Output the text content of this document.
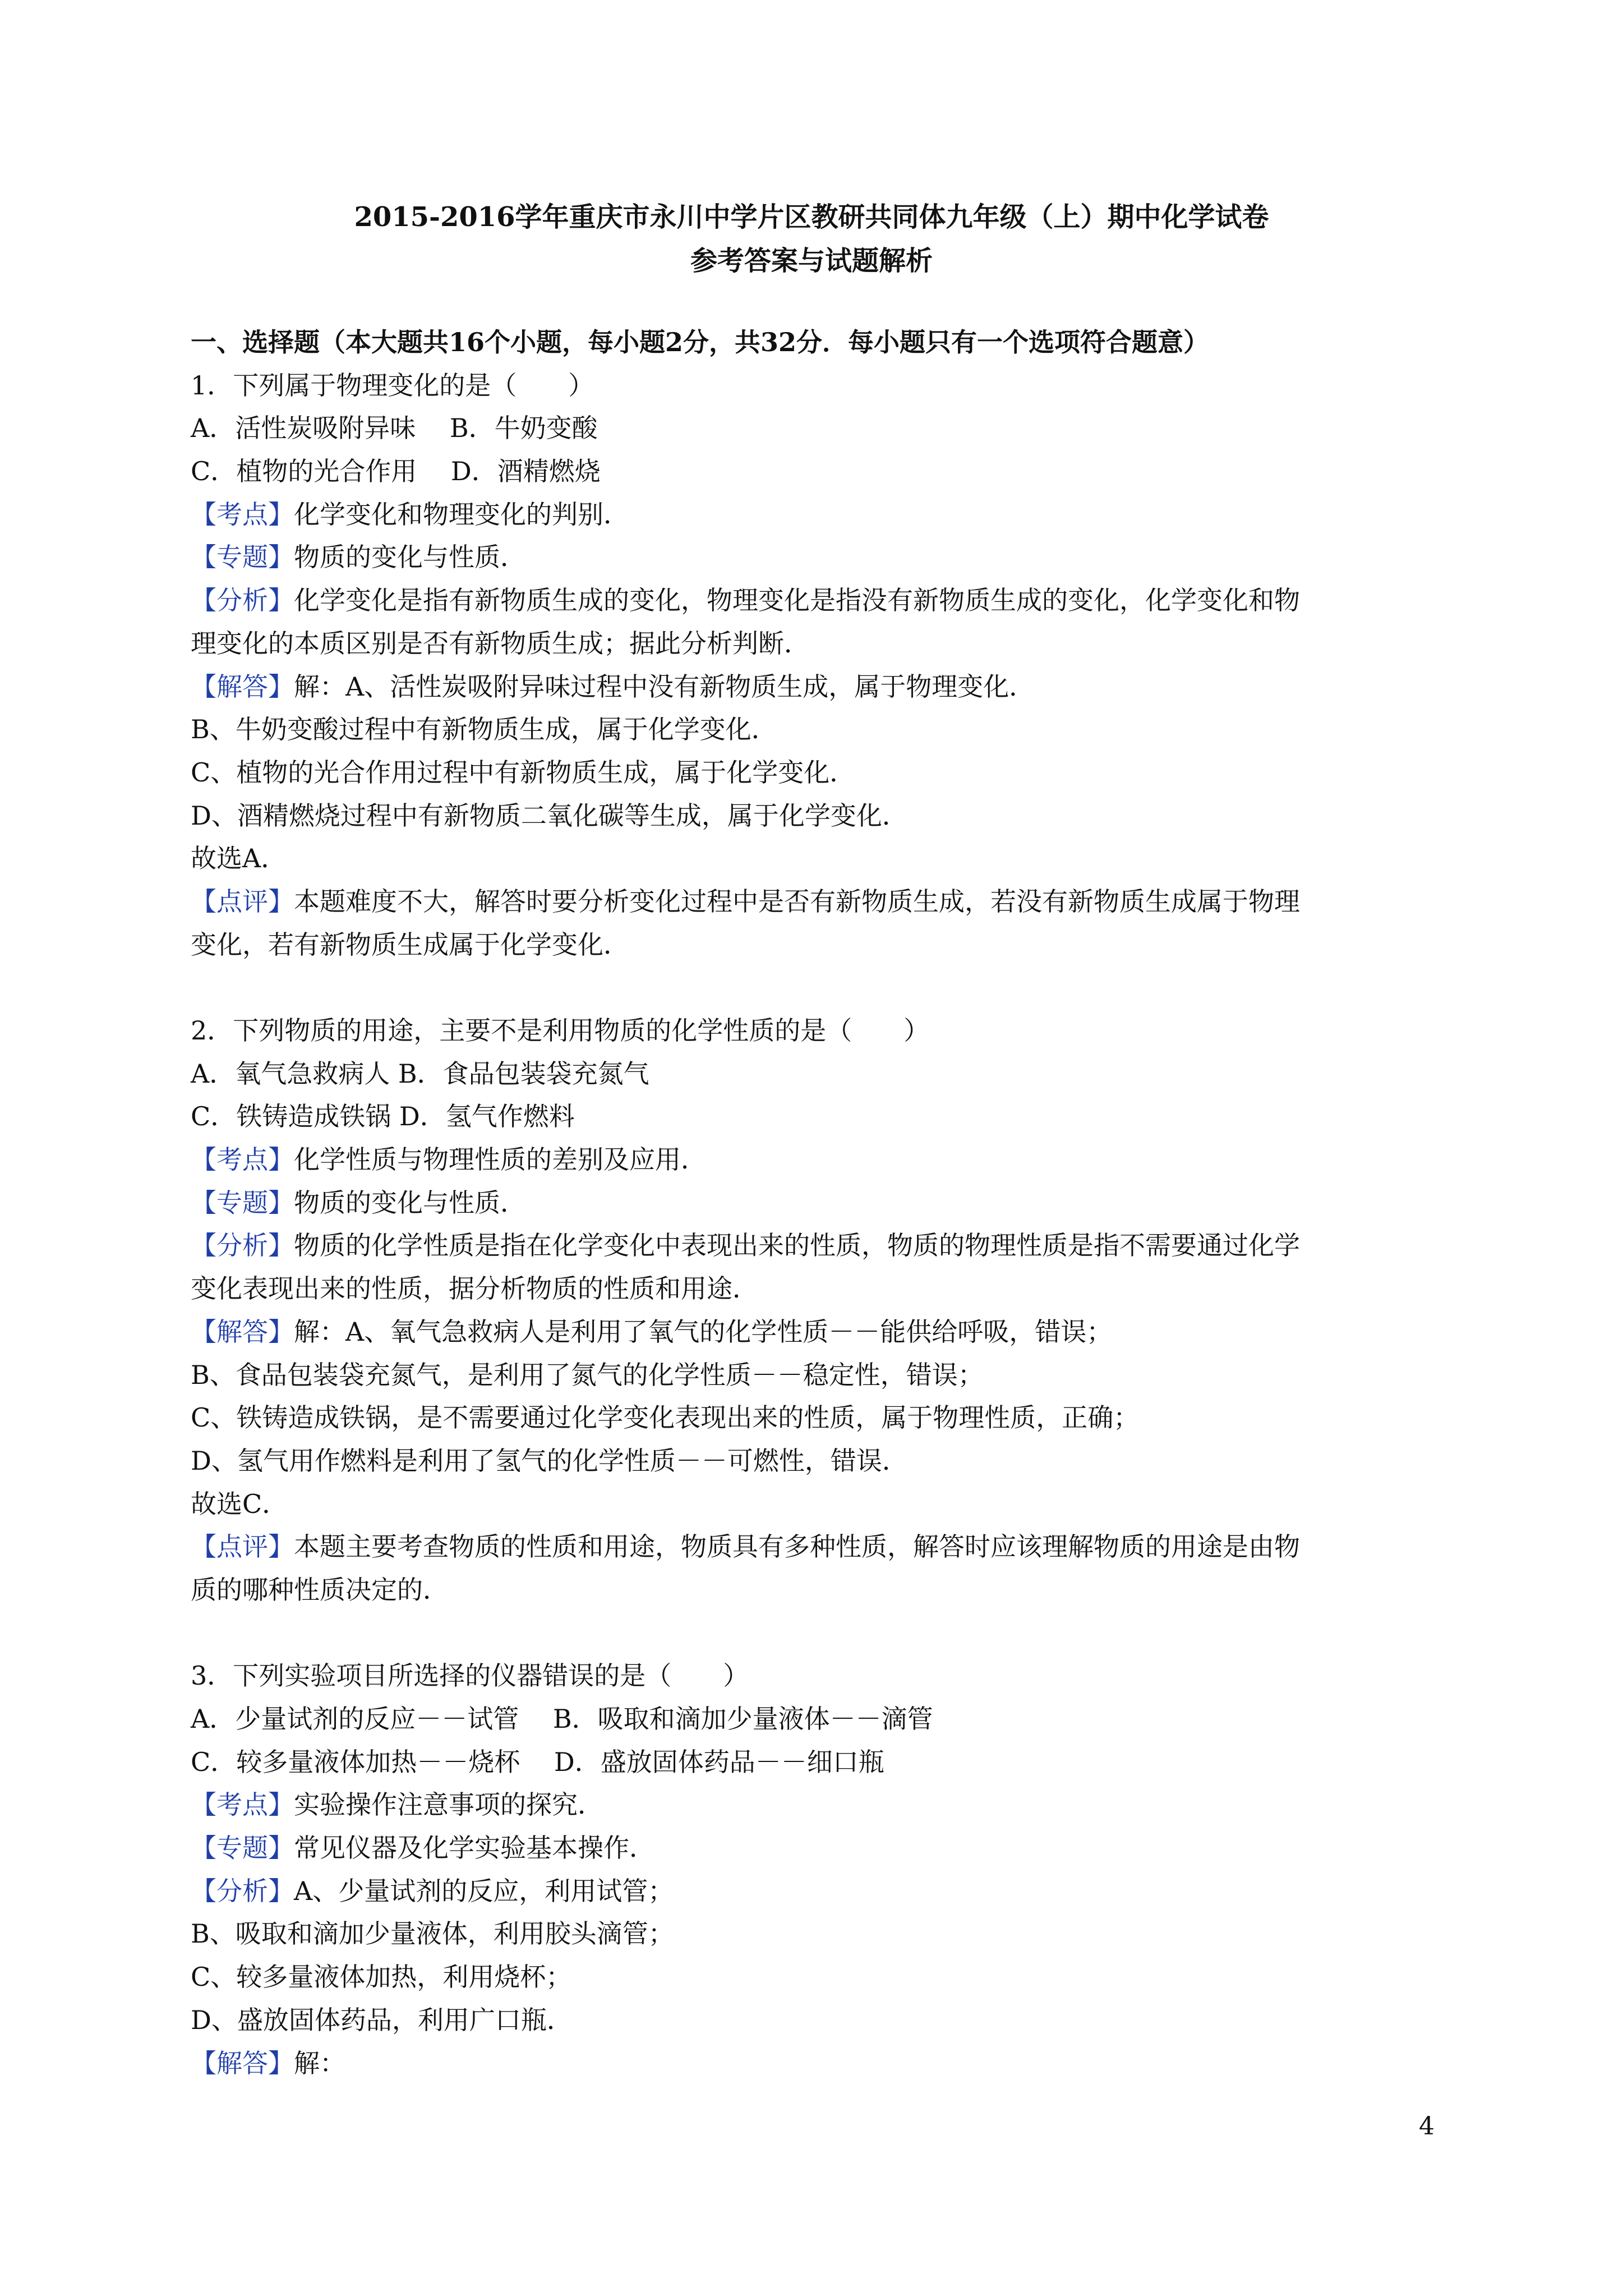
2015-2016学年重庆市永川中学片区教研共同体九年级（上）期中化学试卷
参考答案与试题解析
一、选择题（本大题共16个小题，每小题2分，共32分．每小题只有一个选项符合题意）
1．下列属于物理变化的是（　　）
A．活性炭吸附异味　 B．牛奶变酸
C．植物的光合作用　 D．酒精燃烧
【考点】化学变化和物理变化的判别．
【专题】物质的变化与性质．
【分析】化学变化是指有新物质生成的变化，物理变化是指没有新物质生成的变化，化学变化和物
理变化的本质区别是否有新物质生成；据此分析判断．
【解答】解：A、活性炭吸附异味过程中没有新物质生成，属于物理变化．
B、牛奶变酸过程中有新物质生成，属于化学变化．
C、植物的光合作用过程中有新物质生成，属于化学变化．
D、酒精燃烧过程中有新物质二氧化碳等生成，属于化学变化．
故选A．
【点评】本题难度不大，解答时要分析变化过程中是否有新物质生成，若没有新物质生成属于物理
变化，若有新物质生成属于化学变化．
2．下列物质的用途，主要不是利用物质的化学性质的是（　　）
A．氧气急救病人 B．食品包装袋充氮气
C．铁铸造成铁锅 D．氢气作燃料
【考点】化学性质与物理性质的差别及应用．
【专题】物质的变化与性质．
【分析】物质的化学性质是指在化学变化中表现出来的性质，物质的物理性质是指不需要通过化学
变化表现出来的性质，据分析物质的性质和用途．
【解答】解：A、氧气急救病人是利用了氧气的化学性质－－能供给呼吸，错误；
B、食品包装袋充氮气，是利用了氮气的化学性质－－稳定性，错误；
C、铁铸造成铁锅，是不需要通过化学变化表现出来的性质，属于物理性质，正确；
D、氢气用作燃料是利用了氢气的化学性质－－可燃性，错误．
故选C．
【点评】本题主要考查物质的性质和用途，物质具有多种性质，解答时应该理解物质的用途是由物
质的哪种性质决定的．
3．下列实验项目所选择的仪器错误的是（　　）
A．少量试剂的反应－－试管　 B．吸取和滴加少量液体－－滴管
C．较多量液体加热－－烧杯　 D．盛放固体药品－－细口瓶
【考点】实验操作注意事项的探究．
【专题】常见仪器及化学实验基本操作．
【分析】A、少量试剂的反应，利用试管；
B、吸取和滴加少量液体，利用胶头滴管；
C、较多量液体加热，利用烧杯；
D、盛放固体药品，利用广口瓶．
【解答】解：
4
